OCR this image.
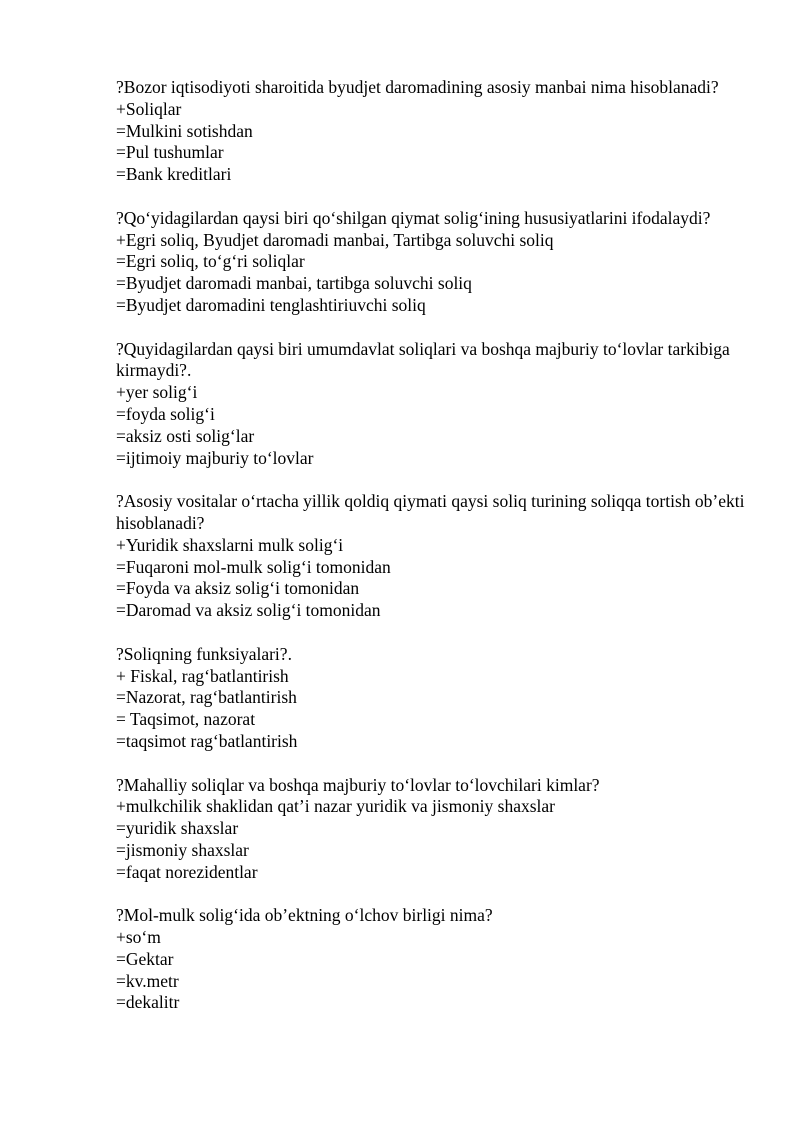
?Bozor iqtisodiyoti sharoitida byudjet daromadining asosiy manbai nima hisoblanadi?
+Soliqlar
=Mulkini sotishdan
=Pul tushumlar
=Bank kreditlari
?Qo‘yidagilardan qaysi biri qo‘shilgan qiymat solig‘ining hususiyatlarini ifodalaydi?
+Egri soliq, Byudjet daromadi manbai, Tartibga soluvchi soliq
=Egri soliq, to‘g‘ri soliqlar
=Byudjet daromadi manbai, tartibga soluvchi soliq
=Byudjet daromadini tenglashtiriuvchi soliq
?Quyidagilardan qaysi biri umumdavlat soliqlari va boshqa majburiy to‘lovlar tarkibiga kirmaydi?.
+yer solig‘i
=foyda solig‘i
=aksiz osti solig‘lar
=ijtimoiy majburiy to‘lovlar
?Asosiy vositalar o‘rtacha yillik qoldiq qiymati qaysi soliq turining soliqqa tortish ob’ekti hisoblanadi?
+Yuridik shaxslarni mulk solig‘i
=Fuqaroni mol-mulk solig‘i tomonidan
=Foyda va aksiz solig‘i tomonidan
=Daromad va aksiz solig‘i tomonidan
?Soliqning funksiyalari?.
+ Fiskal, rag‘batlantirish
=Nazorat, rag‘batlantirish
= Taqsimot, nazorat
=taqsimot rag‘batlantirish
?Mahalliy soliqlar va boshqa majburiy to‘lovlar to‘lovchilari kimlar?
+mulkchilik shaklidan qat’i nazar yuridik va jismoniy shaxslar
=yuridik shaxslar
=jismoniy shaxslar
=faqat norezidentlar
?Mol-mulk solig‘ida ob’ektning o‘lchov birligi nima?
+so‘m
=Gektar
=kv.metr
=dekalitr
